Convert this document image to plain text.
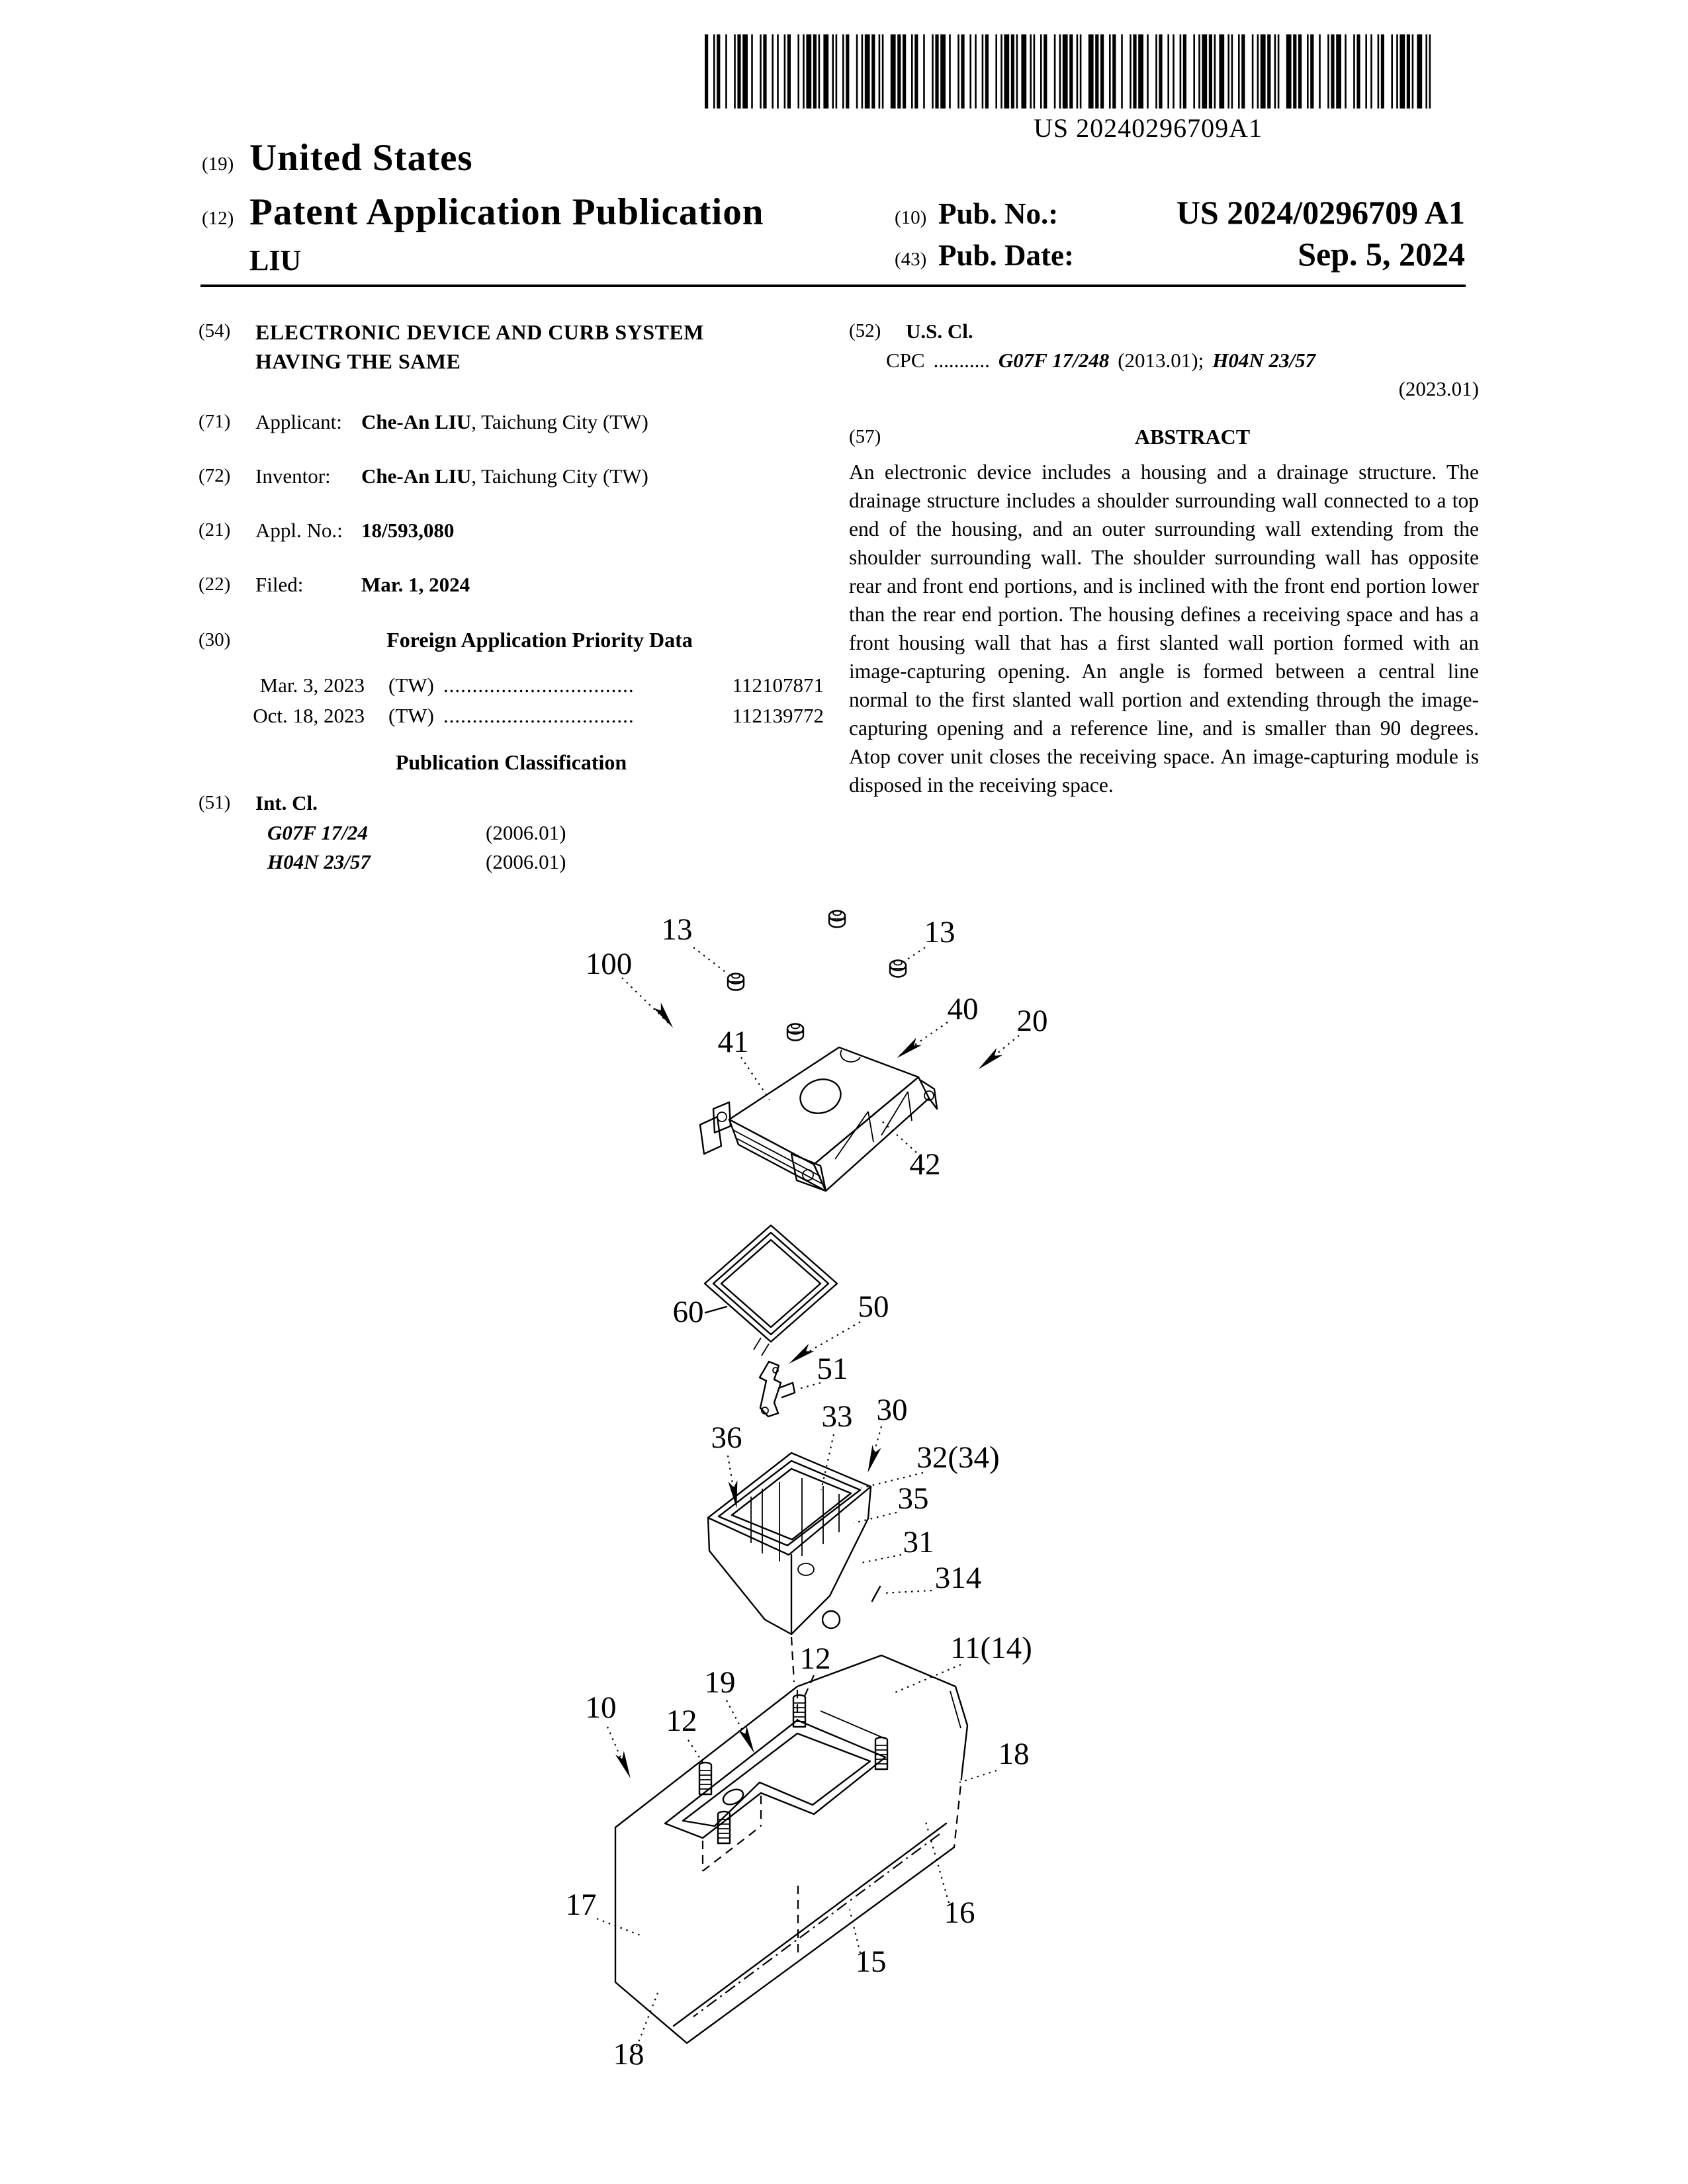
US 20240296709A1
(19) United States
(12) Patent Application Publication
LIU
(10) Pub. No.:	US 2024/0296709 A1
(43) Pub. Date:	Sep. 5, 2024
(54)	ELECTRONIC DEVICE AND CURB SYSTEM
HAVING THE SAME
(71)	Applicant: Che-An LIU, Taichung City (TW)
(72)	Inventor: Che-An LIU, Taichung City (TW)
(21)	Appl. No.: 18/593,080
(22)	Filed:	Mar. 1, 2024
(30)	Foreign Application Priority Data
Mar. 3, 2023 (TW) .................................	112107871
Oct. 18, 2023 (TW) .................................	112139772
Publication Classification
(51)	Int. Cl.
G07F 17/24	(2006.01)
H04N 23/57	(2006.01)
(52)	U.S. Cl.
CPC ........... G07F 17/248 (2013.01); H04N 23/57
(2023.01)
(57)	ABSTRACT
An electronic device includes a housing and a drainage structure. The drainage structure includes a shoulder surrounding wall connected to a top end of the housing, and an outer surrounding wall extending from the shoulder surrounding wall. The shoulder surrounding wall has opposite rear and front end portions, and is inclined with the front end portion lower than the rear end portion. The housing defines a receiving space and has a front housing wall that has a first slanted wall portion formed with an image-capturing opening. An angle is formed between a central line normal to the first slanted wall portion and extending through the image-capturing opening and a reference line, and is smaller than 90 degrees. Atop cover unit closes the receiving space. An image-capturing module is disposed in the receiving space.
100
13	13
41
40 20
42
60	50
51
36
33 30
32(34)
35
31
314
11(14)
12
19
12
10
18
17	16
15
18
